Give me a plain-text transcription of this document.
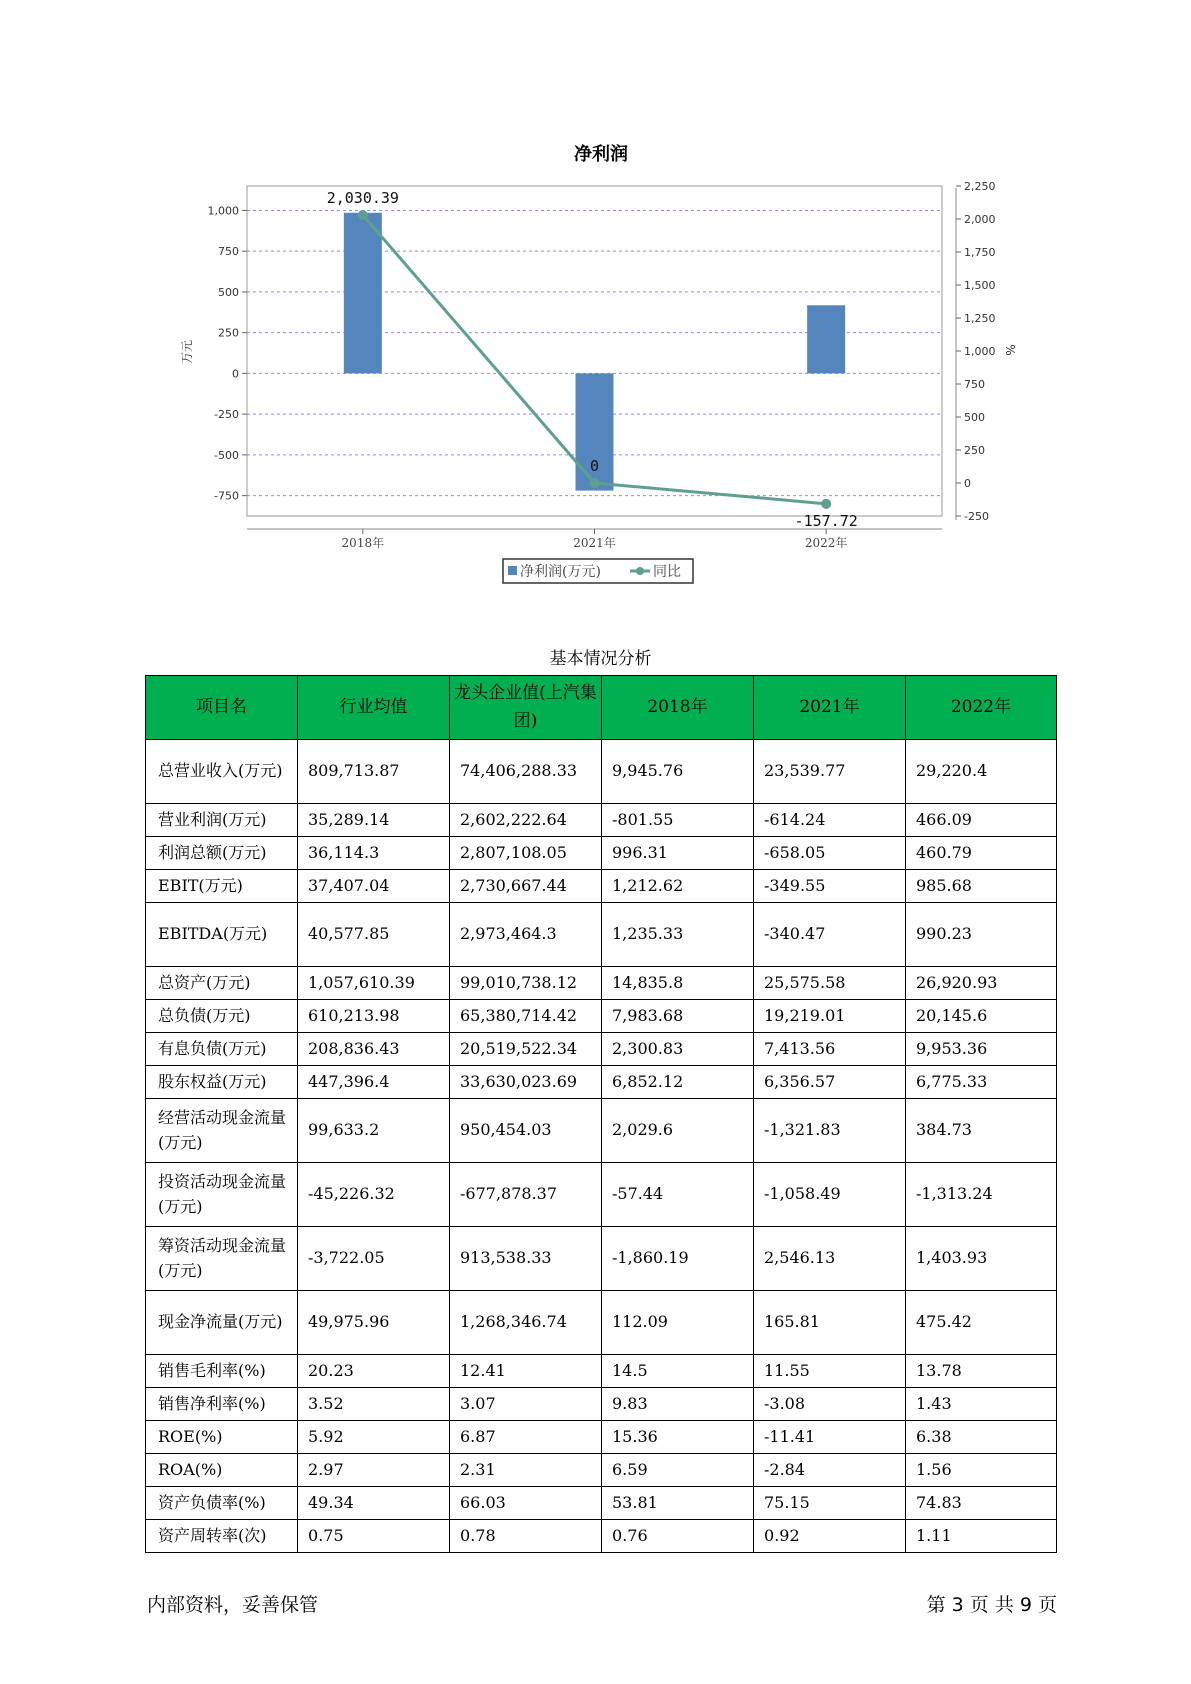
净利润
万元	%
1,000
750
500
250
0
-250
-500
-750
2,250
2,000
1,750
1,500
1,250
1,000
750
500
250
0
-250
2018年	2021年	2022年
2,030.39
0
-157.72
净利润(万元)	同比
基本情况分析
项目名	行业均值	龙头企业值(上汽集团)	2018年	2021年	2022年
总营业收入(万元)	809,713.87	74,406,288.33	9,945.76	23,539.77	29,220.4
营业利润(万元)	35,289.14	2,602,222.64	-801.55	-614.24	466.09
利润总额(万元)	36,114.3	2,807,108.05	996.31	-658.05	460.79
EBIT(万元)	37,407.04	2,730,667.44	1,212.62	-349.55	985.68
EBITDA(万元)	40,577.85	2,973,464.3	1,235.33	-340.47	990.23
总资产(万元)	1,057,610.39	99,010,738.12	14,835.8	25,575.58	26,920.93
总负债(万元)	610,213.98	65,380,714.42	7,983.68	19,219.01	20,145.6
有息负债(万元)	208,836.43	20,519,522.34	2,300.83	7,413.56	9,953.36
股东权益(万元)	447,396.4	33,630,023.69	6,852.12	6,356.57	6,775.33
经营活动现金流量(万元)	99,633.2	950,454.03	2,029.6	-1,321.83	384.73
投资活动现金流量(万元)	-45,226.32	-677,878.37	-57.44	-1,058.49	-1,313.24
筹资活动现金流量(万元)	-3,722.05	913,538.33	-1,860.19	2,546.13	1,403.93
现金净流量(万元)	49,975.96	1,268,346.74	112.09	165.81	475.42
销售毛利率(%)	20.23	12.41	14.5	11.55	13.78
销售净利率(%)	3.52	3.07	9.83	-3.08	1.43
ROE(%)	5.92	6.87	15.36	-11.41	6.38
ROA(%)	2.97	2.31	6.59	-2.84	1.56
资产负债率(%)	49.34	66.03	53.81	75.15	74.83
资产周转率(次)	0.75	0.78	0.76	0.92	1.11
内部资料，妥善保管	第 3 页 共 9 页
